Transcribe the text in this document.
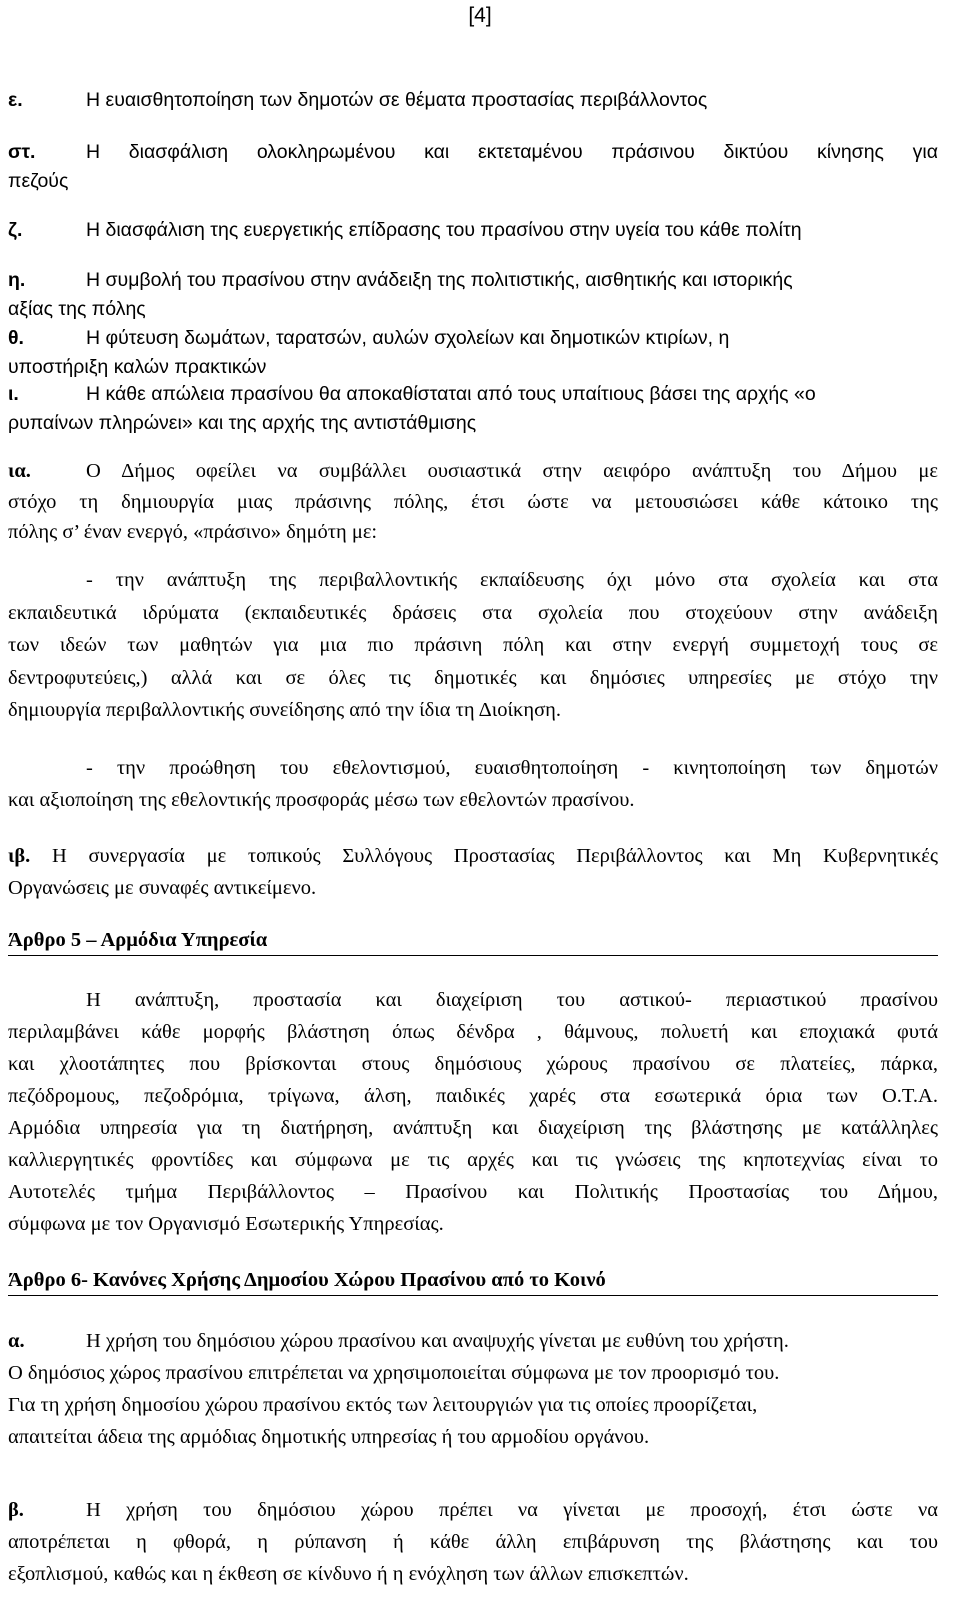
[4]
ε.	Η ευαισθητοποίηση των δημοτών σε θέματα προστασίας περιβάλλοντος
στ.	Η διασφάλιση ολοκληρωμένου και εκτεταμένου πράσινου δικτύου κίνησης για
πεζούς
ζ.	Η διασφάλιση της ευεργετικής επίδρασης του πρασίνου στην υγεία του κάθε πολίτη
η.	Η συμβολή του πρασίνου στην ανάδειξη της πολιτιστικής, αισθητικής και ιστορικής
αξίας της πόλης
θ.	Η φύτευση δωμάτων, ταρατσών, αυλών σχολείων και δημοτικών κτιρίων, η
υποστήριξη καλών πρακτικών
ι.	Η κάθε απώλεια πρασίνου θα αποκαθίσταται από τους υπαίτιους βάσει της αρχής «ο
ρυπαίνων πληρώνει» και της αρχής της αντιστάθμισης
ια.	Ο Δήμος οφείλει να συμβάλλει ουσιαστικά στην αειφόρο ανάπτυξη του Δήμου με
στόχο τη δημιουργία μιας πράσινης πόλης, έτσι ώστε να μετουσιώσει κάθε κάτοικο της
πόλης σ’ έναν ενεργό, «πράσινο» δημότη με:
- την ανάπτυξη της περιβαλλοντικής εκπαίδευσης όχι μόνο στα σχολεία και στα
εκπαιδευτικά ιδρύματα (εκπαιδευτικές δράσεις στα σχολεία που στοχεύουν στην ανάδειξη
των ιδεών των μαθητών για μια πιο πράσινη πόλη και στην ενεργή συμμετοχή τους σε
δεντροφυτεύεις,) αλλά και σε όλες τις δημοτικές και δημόσιες υπηρεσίες με στόχο την
δημιουργία περιβαλλοντικής συνείδησης από την ίδια τη Διοίκηση.
- την προώθηση του εθελοντισμού, ευαισθητοποίηση - κινητοποίηση των δημοτών
και αξιοποίηση της εθελοντικής προσφοράς μέσω των εθελοντών πρασίνου.
ιβ. Η συνεργασία με τοπικούς Συλλόγους Προστασίας Περιβάλλοντος και Μη Κυβερνητικές
Οργανώσεις με συναφές αντικείμενο.
Άρθρο 5 – Αρμόδια Υπηρεσία
Η ανάπτυξη, προστασία και διαχείριση του αστικού- περιαστικού πρασίνου
περιλαμβάνει κάθε μορφής βλάστηση όπως δένδρα , θάμνους, πολυετή και εποχιακά φυτά
και χλοοτάπητες που βρίσκονται στους δημόσιους χώρους πρασίνου σε πλατείες, πάρκα,
πεζόδρομους, πεζοδρόμια, τρίγωνα, άλση, παιδικές χαρές στα εσωτερικά όρια των Ο.Τ.Α.
Αρμόδια υπηρεσία για τη διατήρηση, ανάπτυξη και διαχείριση της βλάστησης με κατάλληλες
καλλιεργητικές φροντίδες και σύμφωνα με τις αρχές και τις γνώσεις της κηποτεχνίας είναι το
Αυτοτελές τμήμα Περιβάλλοντος – Πρασίνου και Πολιτικής Προστασίας του Δήμου,
σύμφωνα με τον Οργανισμό Εσωτερικής Υπηρεσίας.
Άρθρο 6- Κανόνες Χρήσης Δημοσίου Χώρου Πρασίνου από το Κοινό
α.	Η χρήση του δημόσιου χώρου πρασίνου και αναψυχής γίνεται με ευθύνη του χρήστη.
Ο δημόσιος χώρος πρασίνου επιτρέπεται να χρησιμοποιείται σύμφωνα με τον προορισμό του.
Για τη χρήση δημοσίου χώρου πρασίνου εκτός των λειτουργιών για τις οποίες προορίζεται,
απαιτείται άδεια της αρμόδιας δημοτικής υπηρεσίας ή του αρμοδίου οργάνου.
β.	Η χρήση του δημόσιου χώρου πρέπει να γίνεται με προσοχή, έτσι ώστε να
αποτρέπεται η φθορά, η ρύπανση ή κάθε άλλη επιβάρυνση της βλάστησης και του
εξοπλισμού, καθώς και η έκθεση σε κίνδυνο ή η ενόχληση των άλλων επισκεπτών.
